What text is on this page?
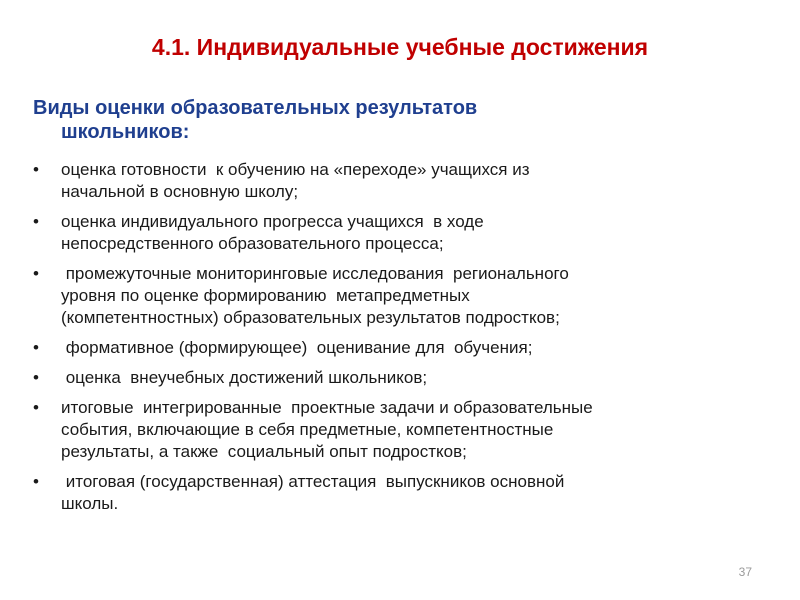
4.1. Индивидуальные учебные достижения
Виды оценки образовательных результатов
школьников:
•	оценка готовности  к обучению на «переходе» учащихся из
начальной в основную школу;
•	оценка индивидуального прогресса учащихся  в ходе
непосредственного образовательного процесса;
•	промежуточные мониторинговые исследования  регионального
уровня по оценке формированию  метапредметных
(компетентностных) образовательных результатов подростков;
•	формативное (формирующее)  оценивание для  обучения;
•	оценка  внеучебных достижений школьников;
•	итоговые  интегрированные  проектные задачи и образовательные
события, включающие в себя предметные, компетентностные
результаты, а также  социальный опыт подростков;
•	итоговая (государственная) аттестация  выпускников основной
школы.
37
